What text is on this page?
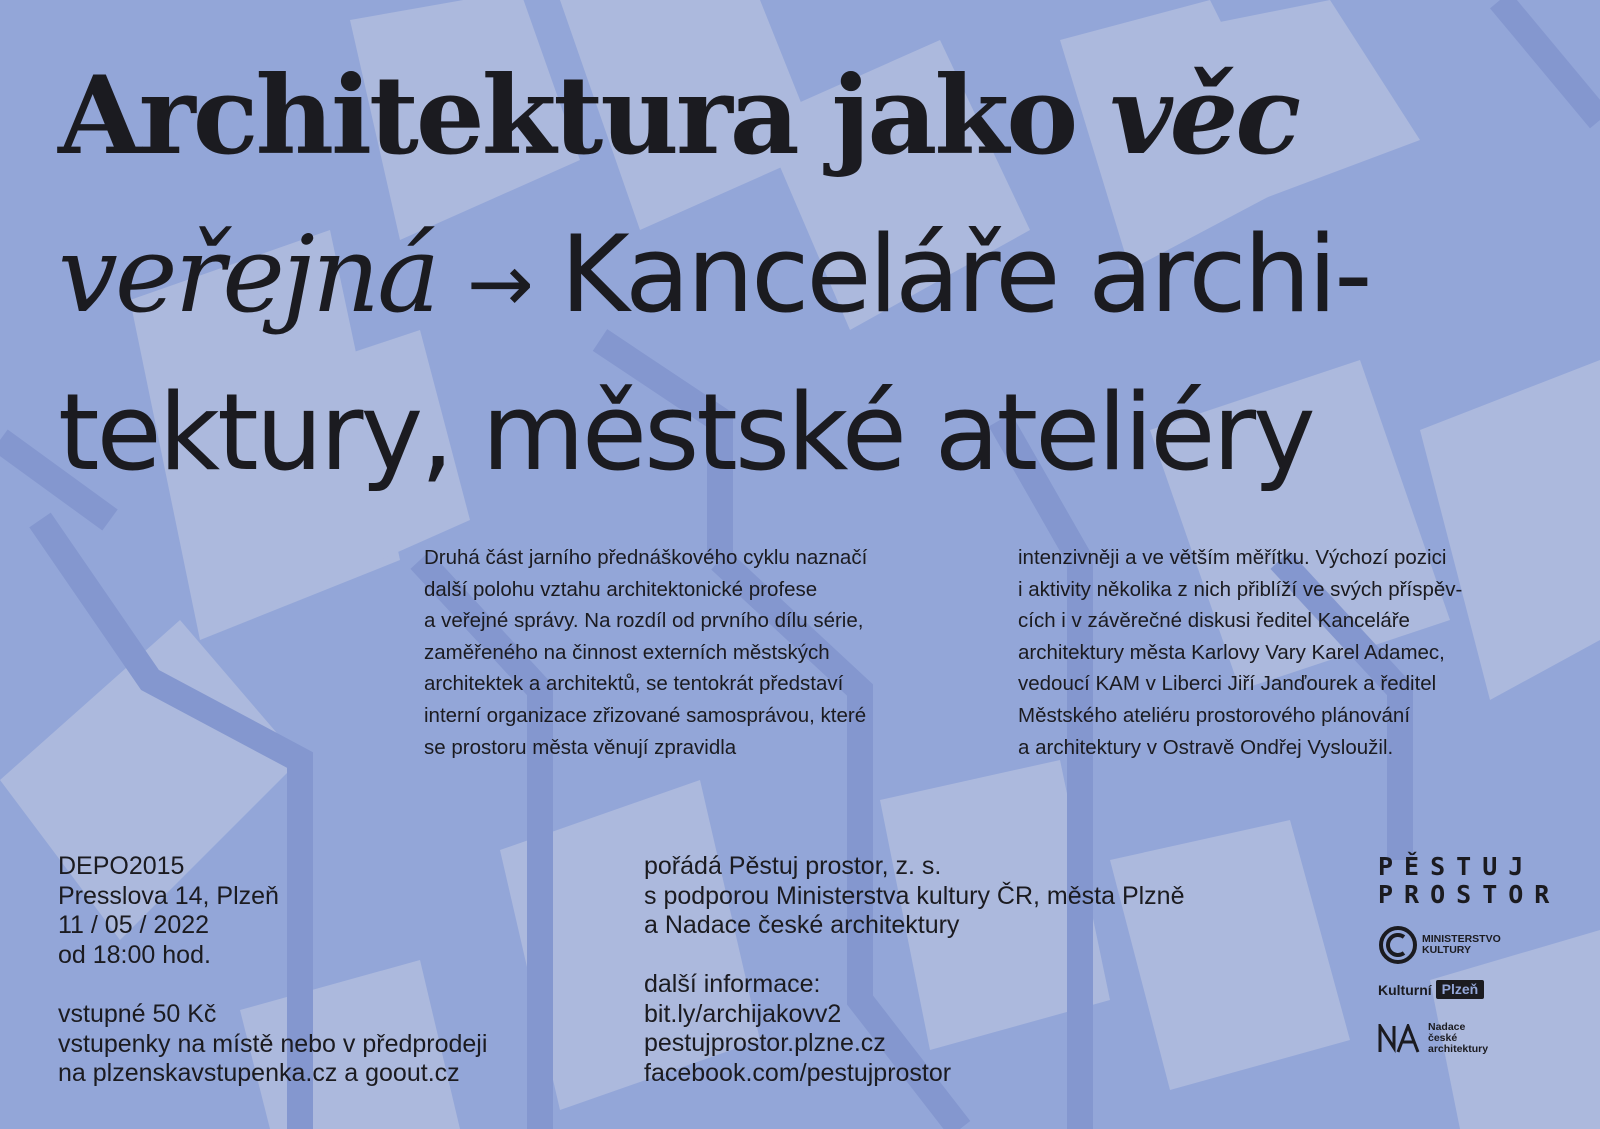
Architektura jako věc
veřejná → Kanceláře archi-
tektury, městské ateliéry
Druhá část jarního přednáškového cyklu naznačí
další polohu vztahu architektonické profese
a veřejné správy. Na rozdíl od prvního dílu série,
zaměřeného na činnost externích městských
architektek a architektů, se tentokrát představí
interní organizace zřizované samosprávou, které
se prostoru města věnují zpravidla
intenzivněji a ve větším měřítku. Výchozí pozici
i aktivity několika z nich přiblíží ve svých příspěv-
cích i v závěrečné diskusi ředitel Kanceláře
architektury města Karlovy Vary Karel Adamec,
vedoucí KAM v Liberci Jiří Janďourek a ředitel
Městského ateliéru prostorového plánování
a architektury v Ostravě Ondřej Vysloužil.
DEPO2015
Presslova 14, Plzeň
11 / 05 / 2022
od 18:00 hod.
vstupné 50 Kč
vstupenky na místě nebo v předprodeji
na plzenskavstupenka.cz a goout.cz
pořádá Pěstuj prostor, z. s.
s podporou Ministerstva kultury ČR, města Plzně
a Nadace české architektury
další informace:
bit.ly/archijakovv2
pestujprostor.plzne.cz
facebook.com/pestujprostor
PĚSTUJ
PROSTOR
MINISTERSTVO
KULTURY
Kulturní Plzeň
Nadace
české
architektury
